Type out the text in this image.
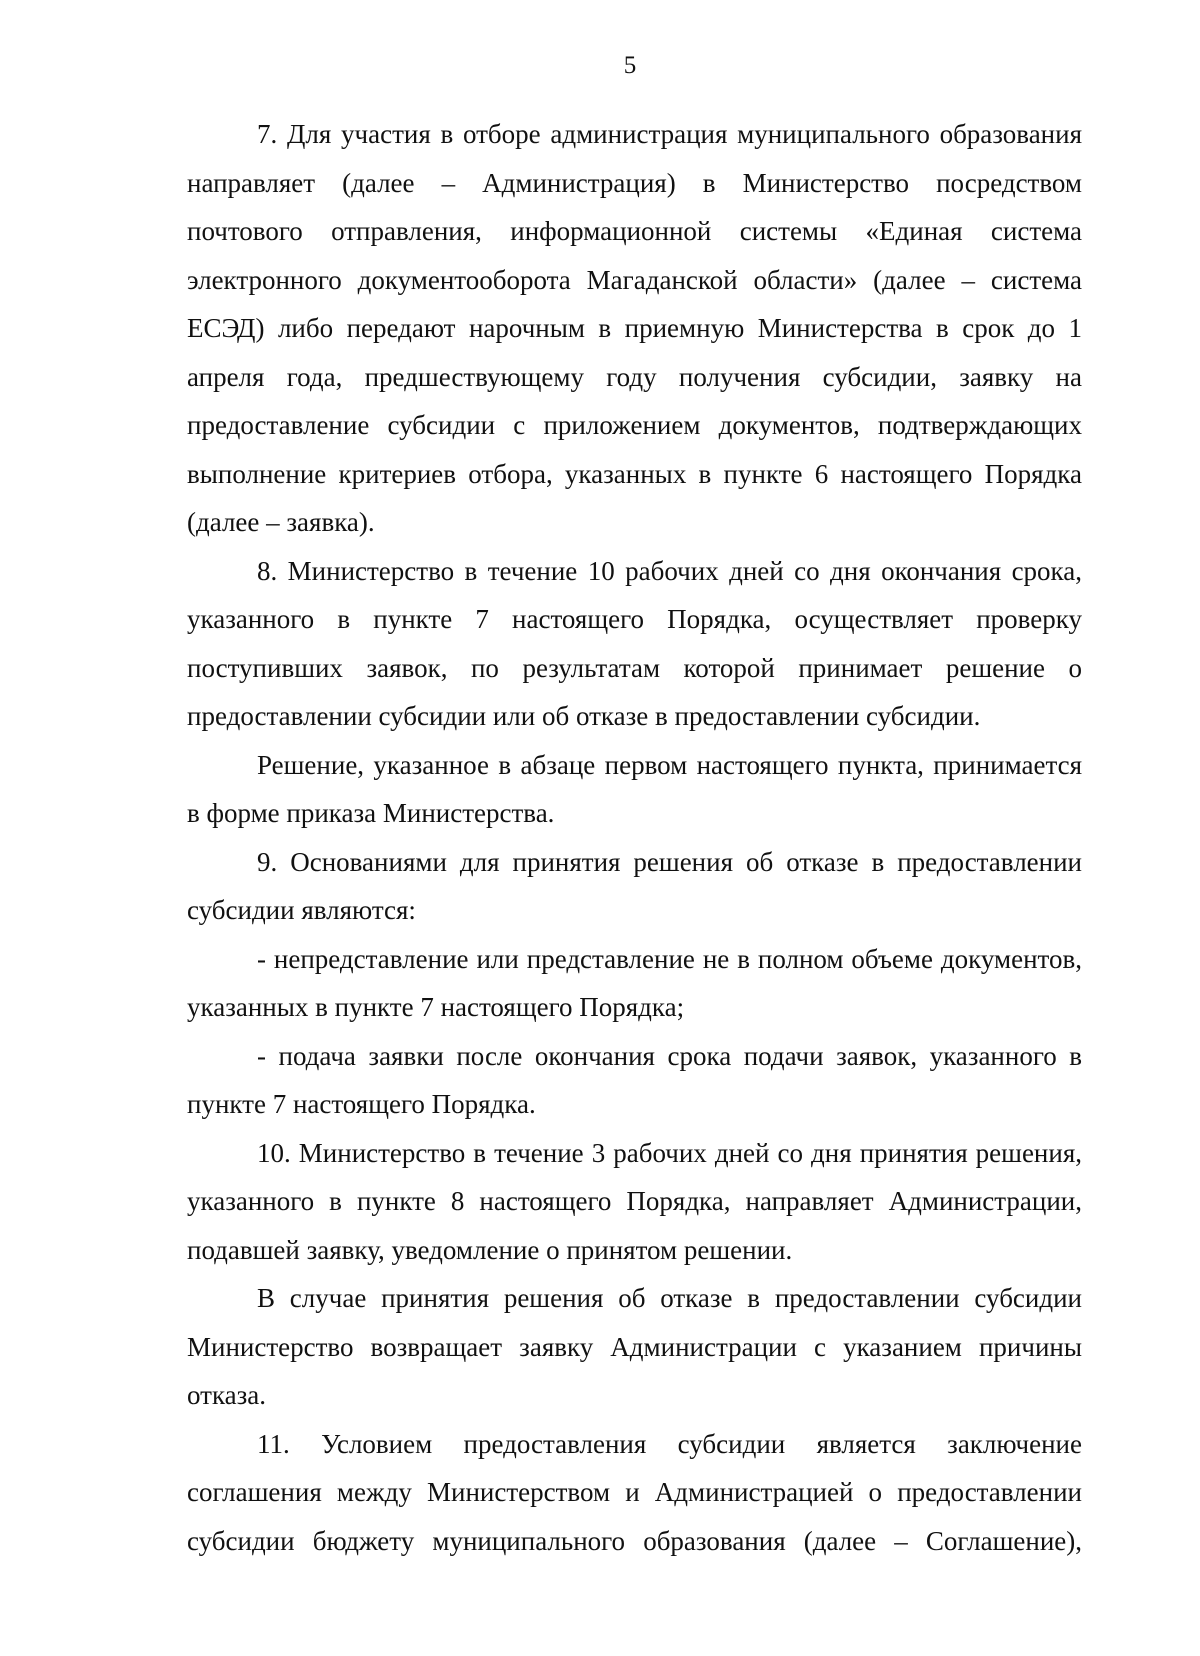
5

7. Для участия в отборе администрация муниципального образования направляет (далее – Администрация) в Министерство посредством почтового отправления, информационной системы «Единая система электронного документооборота Магаданской области» (далее – система ЕСЭД) либо передают нарочным в приемную Министерства в срок до 1 апреля года, предшествующему году получения субсидии, заявку на предоставление субсидии с приложением документов, подтверждающих выполнение критериев отбора, указанных в пункте 6 настоящего Порядка (далее – заявка).

8. Министерство в течение 10 рабочих дней со дня окончания срока, указанного в пункте 7 настоящего Порядка, осуществляет проверку поступивших заявок, по результатам которой принимает решение о предоставлении субсидии или об отказе в предоставлении субсидии.

Решение, указанное в абзаце первом настоящего пункта, принимается в форме приказа Министерства.

9. Основаниями для принятия решения об отказе в предоставлении субсидии являются:

- непредставление или представление не в полном объеме документов, указанных в пункте 7 настоящего Порядка;

- подача заявки после окончания срока подачи заявок, указанного в пункте 7 настоящего Порядка.

10. Министерство в течение 3 рабочих дней со дня принятия решения, указанного в пункте 8 настоящего Порядка, направляет Администрации, подавшей заявку, уведомление о принятом решении.

В случае принятия решения об отказе в предоставлении субсидии Министерство возвращает заявку Администрации с указанием причины отказа.

11. Условием предоставления субсидии является заключение соглашения между Министерством и Администрацией о предоставлении субсидии бюджету муниципального образования (далее – Соглашение),
